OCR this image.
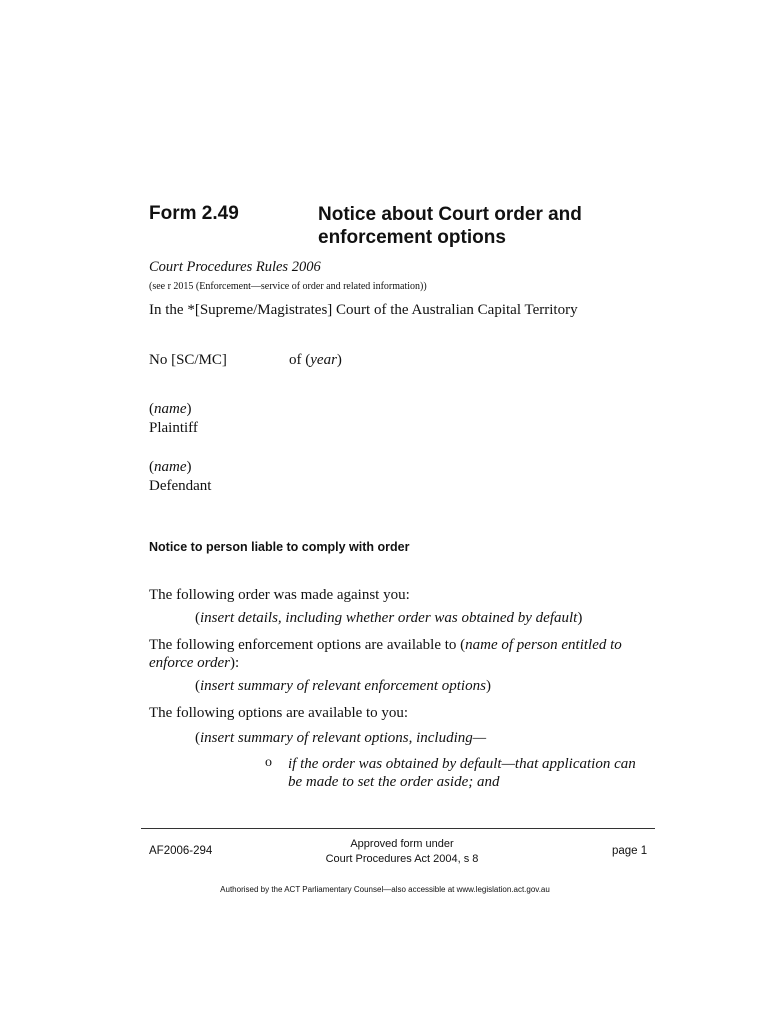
Form 2.49	Notice about Court order and enforcement options
Court Procedures Rules 2006
(see r 2015 (Enforcement—service of order and related information))
In the *[Supreme/Magistrates] Court of the Australian Capital Territory
No [SC/MC]	of (year)
(name)
Plaintiff
(name)
Defendant
Notice to person liable to comply with order
The following order was made against you:
(insert details, including whether order was obtained by default)
The following enforcement options are available to (name of person entitled to enforce order):
(insert summary of relevant enforcement options)
The following options are available to you:
(insert summary of relevant options, including—
o if the order was obtained by default—that application can be made to set the order aside; and
AF2006-294
Approved form under
Court Procedures Act 2004, s 8
page 1
Authorised by the ACT Parliamentary Counsel—also accessible at www.legislation.act.gov.au
